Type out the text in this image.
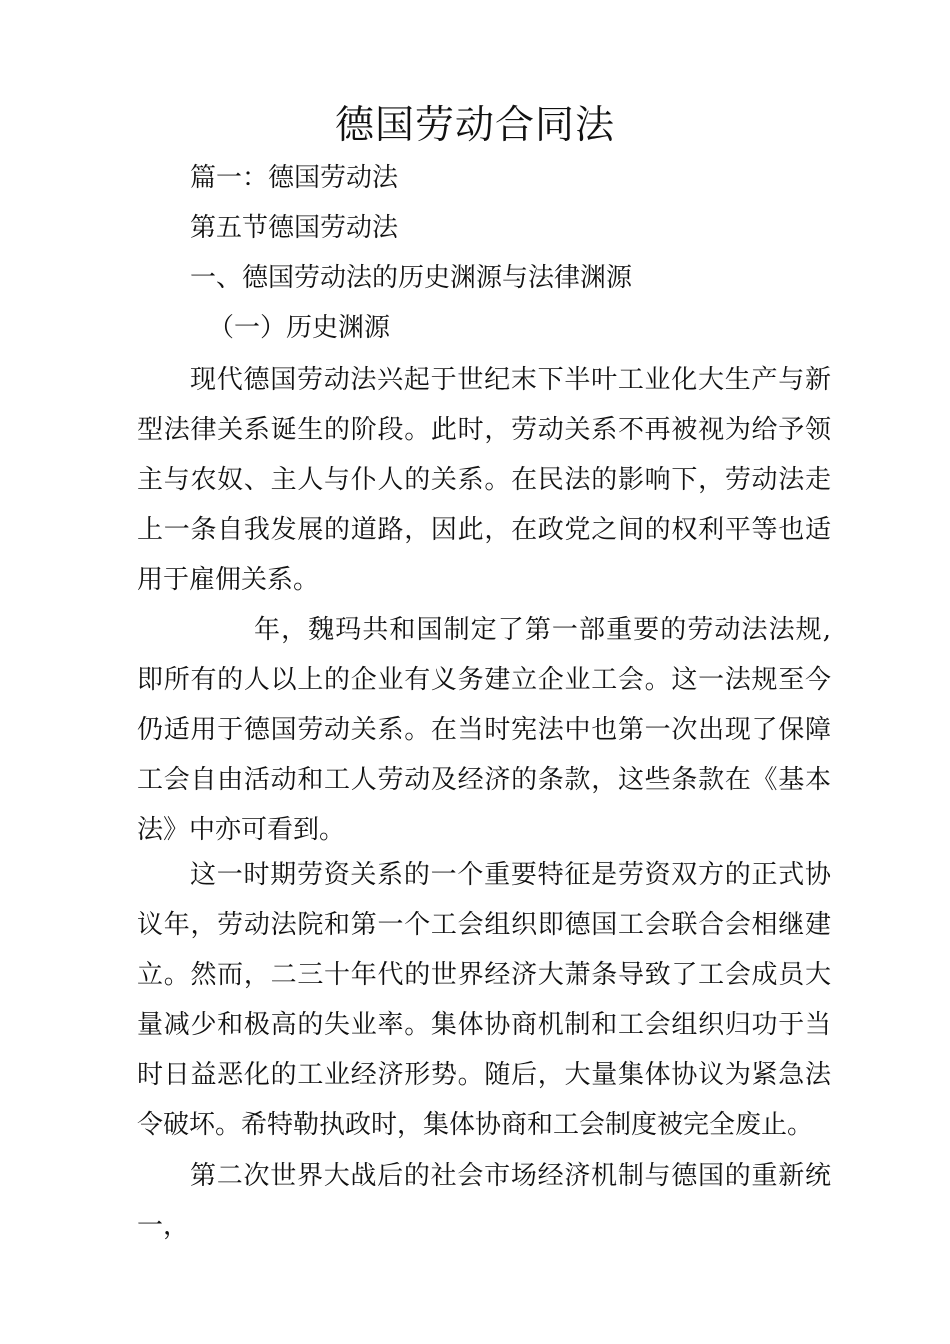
德国劳动合同法

篇一：德国劳动法

第五节德国劳动法

一、德国劳动法的历史渊源与法律渊源

（一）历史渊源

现代德国劳动法兴起于世纪末下半叶工业化大生产与新型法律关系诞生的阶段。此时，劳动关系不再被视为给予领主与农奴、主人与仆人的关系。在民法的影响下，劳动法走上一条自我发展的道路，因此，在政党之间的权利平等也适用于雇佣关系。

年，魏玛共和国制定了第一部重要的劳动法法规,即所有的人以上的企业有义务建立企业工会。这一法规至今仍适用于德国劳动关系。在当时宪法中也第一次出现了保障工会自由活动和工人劳动及经济的条款，这些条款在《基本法》中亦可看到。

这一时期劳资关系的一个重要特征是劳资双方的正式协议年，劳动法院和第一个工会组织即德国工会联合会相继建立。然而，二三十年代的世界经济大萧条导致了工会成员大量减少和极高的失业率。集体协商机制和工会组织归功于当时日益恶化的工业经济形势。随后，大量集体协议为紧急法令破坏。希特勒执政时，集体协商和工会制度被完全废止。

第二次世界大战后的社会市场经济机制与德国的重新统一，
